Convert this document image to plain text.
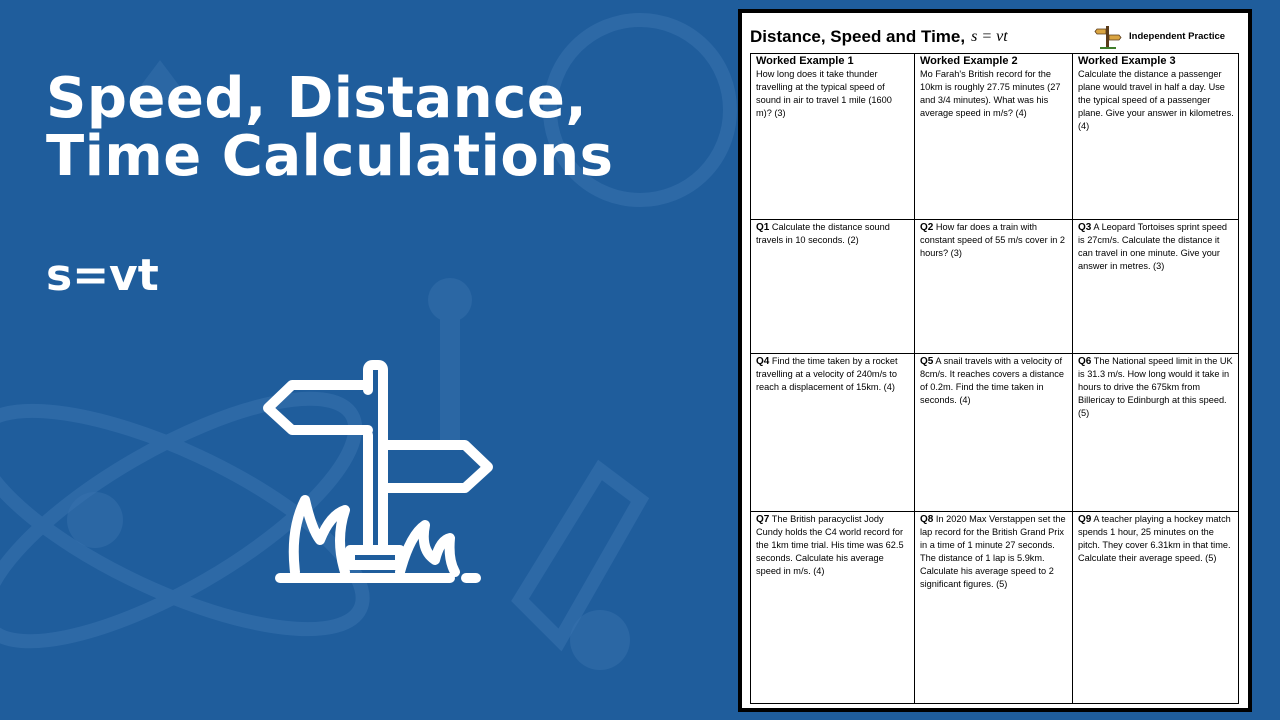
Speed, Distance, Time Calculations
s=vt
Distance, Speed and Time, s = vt	Independent Practice
Worked Example 1
How long does it take thunder travelling at the typical speed of sound in air to travel 1 mile (1600 m)? (3)
Worked Example 2
Mo Farah's British record for the 10km is roughly 27.75 minutes (27 and 3/4 minutes). What was his average speed in m/s? (4)
Worked Example 3
Calculate the distance a passenger plane would travel in half a day. Use the typical speed of a passenger plane. Give your answer in kilometres. (4)
Q1 Calculate the distance sound travels in 10 seconds. (2)
Q2 How far does a train with constant speed of 55 m/s cover in 2 hours? (3)
Q3 A Leopard Tortoises sprint speed is 27cm/s. Calculate the distance it can travel in one minute. Give your answer in metres. (3)
Q4 Find the time taken by a rocket travelling at a velocity of 240m/s to reach a displacement of 15km. (4)
Q5 A snail travels with a velocity of 8cm/s. It reaches covers a distance of 0.2m. Find the time taken in seconds. (4)
Q6 The National speed limit in the UK is 31.3 m/s. How long would it take in hours to drive the 675km from Billericay to Edinburgh at this speed. (5)
Q7 The British paracyclist Jody Cundy holds the C4 world record for the 1km time trial. His time was 62.5 seconds. Calculate his average speed in m/s. (4)
Q8 In 2020 Max Verstappen set the lap record for the British Grand Prix in a time of 1 minute 27 seconds. The distance of 1 lap is 5.9km. Calculate his average speed to 2 significant figures. (5)
Q9 A teacher playing a hockey match spends 1 hour, 25 minutes on the pitch. They cover 6.31km in that time. Calculate their average speed. (5)
